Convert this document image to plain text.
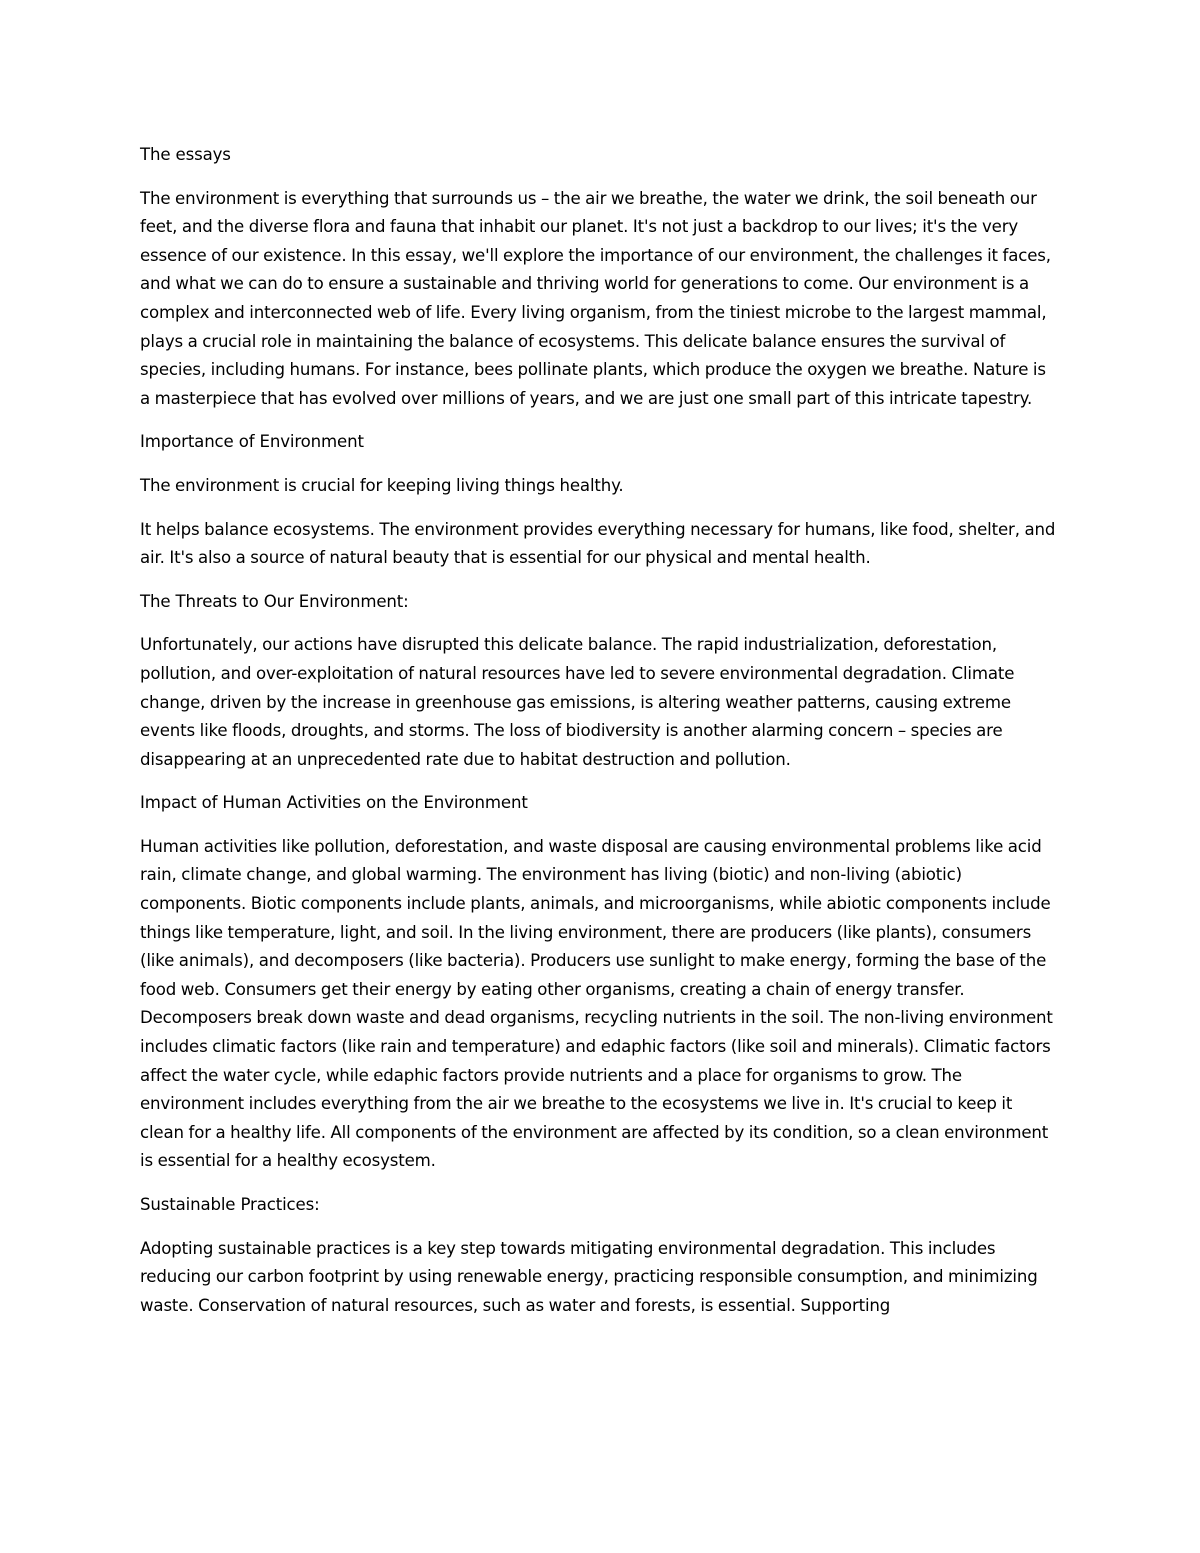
The essays

The environment is everything that surrounds us – the air we breathe, the water we drink, the soil beneath our feet, and the diverse flora and fauna that inhabit our planet. It's not just a backdrop to our lives; it's the very essence of our existence. In this essay, we'll explore the importance of our environment, the challenges it faces, and what we can do to ensure a sustainable and thriving world for generations to come. Our environment is a complex and interconnected web of life. Every living organism, from the tiniest microbe to the largest mammal, plays a crucial role in maintaining the balance of ecosystems. This delicate balance ensures the survival of species, including humans. For instance, bees pollinate plants, which produce the oxygen we breathe. Nature is a masterpiece that has evolved over millions of years, and we are just one small part of this intricate tapestry.

Importance of Environment

The environment is crucial for keeping living things healthy.

It helps balance ecosystems. The environment provides everything necessary for humans, like food, shelter, and air. It's also a source of natural beauty that is essential for our physical and mental health.

The Threats to Our Environment:

Unfortunately, our actions have disrupted this delicate balance. The rapid industrialization, deforestation, pollution, and over-exploitation of natural resources have led to severe environmental degradation. Climate change, driven by the increase in greenhouse gas emissions, is altering weather patterns, causing extreme events like floods, droughts, and storms. The loss of biodiversity is another alarming concern – species are disappearing at an unprecedented rate due to habitat destruction and pollution.

Impact of Human Activities on the Environment

Human activities like pollution, deforestation, and waste disposal are causing environmental problems like acid rain, climate change, and global warming. The environment has living (biotic) and non-living (abiotic) components. Biotic components include plants, animals, and microorganisms, while abiotic components include things like temperature, light, and soil. In the living environment, there are producers (like plants), consumers (like animals), and decomposers (like bacteria). Producers use sunlight to make energy, forming the base of the food web. Consumers get their energy by eating other organisms, creating a chain of energy transfer. Decomposers break down waste and dead organisms, recycling nutrients in the soil. The non-living environment includes climatic factors (like rain and temperature) and edaphic factors (like soil and minerals). Climatic factors affect the water cycle, while edaphic factors provide nutrients and a place for organisms to grow. The environment includes everything from the air we breathe to the ecosystems we live in. It's crucial to keep it clean for a healthy life. All components of the environment are affected by its condition, so a clean environment is essential for a healthy ecosystem.

Sustainable Practices:

Adopting sustainable practices is a key step towards mitigating environmental degradation. This includes reducing our carbon footprint by using renewable energy, practicing responsible consumption, and minimizing waste. Conservation of natural resources, such as water and forests, is essential. Supporting
